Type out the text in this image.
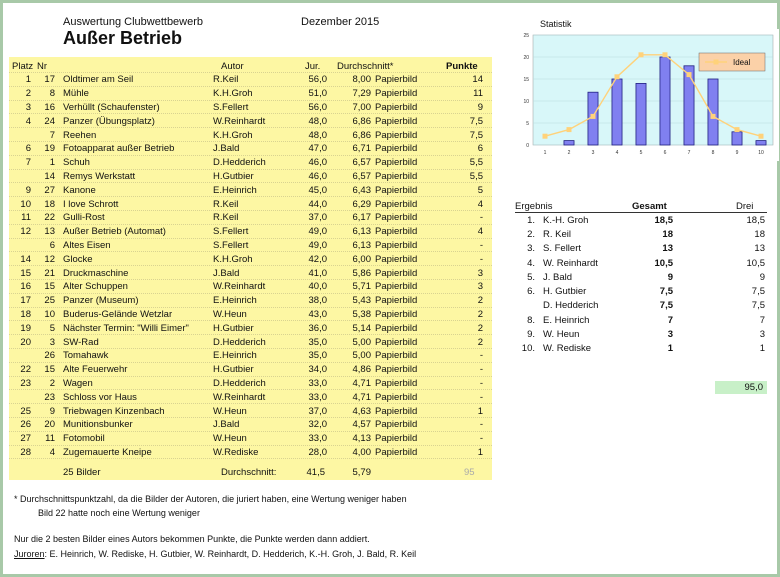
Auswertung Clubwettbewerb	Dezember 2015
Außer Betrieb
Statistik
Platz Nr	Autor	Jur. Durchschnitt*	Punkte
1	17	Oldtimer am Seil	R.Keil	56,0	8,00	Papierbild	14
2	8	Mühle	K.H.Groh	51,0	7,29	Papierbild	11
3	16	Verhüllt (Schaufenster)	S.Fellert	56,0	7,00	Papierbild	9
4	24	Panzer (Übungsplatz)	W.Reinhardt	48,0	6,86	Papierbild	7,5
	7	Reehen	K.H.Groh	48,0	6,86	Papierbild	7,5
6	19	Fotoapparat außer Betrieb	J.Bald	47,0	6,71	Papierbild	6
7	1	Schuh	D.Hedderich	46,0	6,57	Papierbild	5,5
	14	Remys Werkstatt	H.Gutbier	46,0	6,57	Papierbild	5,5
9	27	Kanone	E.Heinrich	45,0	6,43	Papierbild	5
10	18	I love Schrott	R.Keil	44,0	6,29	Papierbild	4
11	22	Gulli-Rost	R.Keil	37,0	6,17	Papierbild	-
12	13	Außer Betrieb (Automat)	S.Fellert	49,0	6,13	Papierbild	4
	6	Altes Eisen	S.Fellert	49,0	6,13	Papierbild	-
14	12	Glocke	K.H.Groh	42,0	6,00	Papierbild	-
15	21	Druckmaschine	J.Bald	41,0	5,86	Papierbild	3
16	15	Alter Schuppen	W.Reinhardt	40,0	5,71	Papierbild	3
17	25	Panzer (Museum)	E.Heinrich	38,0	5,43	Papierbild	2
18	10	Buderus-Gelände Wetzlar	W.Heun	43,0	5,38	Papierbild	2
19	5	Nächster Termin: "Willi Eimer"	H.Gutbier	36,0	5,14	Papierbild	2
20	3	SW-Rad	D.Hedderich	35,0	5,00	Papierbild	2
	26	Tomahawk	E.Heinrich	35,0	5,00	Papierbild	-
22	15	Alte Feuerwehr	H.Gutbier	34,0	4,86	Papierbild	-
23	2	Wagen	D.Hedderich	33,0	4,71	Papierbild	-
	23	Schloss vor Haus	W.Reinhardt	33,0	4,71	Papierbild	-
25	9	Triebwagen Kinzenbach	W.Heun	37,0	4,63	Papierbild	1
26	20	Munitionsbunker	J.Bald	32,0	4,57	Papierbild	-
27	11	Fotomobil	W.Heun	33,0	4,13	Papierbild	-
28	4	Zugemauerte Kneipe	W.Rediske	28,0	4,00	Papierbild	1
25 Bilder	Durchschnitt:	41,5	5,79	95
0
5
10
15
20
25
1	2	3	4	5	6	7	8	9	10
Ideal
Ergebnis	Gesamt	Drei
1.	K.-H. Groh	18,5	18,5
2.	R. Keil	18	18
3.	S. Fellert	13	13
4.	W. Reinhardt	10,5	10,5
5.	J. Bald	9	9
6.	H. Gutbier	7,5	7,5
	D. Hedderich	7,5	7,5
8.	E. Heinrich	7	7
9.	W. Heun	3	3
10.	W. Rediske	1	1
95,0
* Durchschnittspunktzahl, da die Bilder der Autoren, die juriert haben, eine Wertung weniger haben
Bild 22 hatte noch eine Wertung weniger
Nur die 2 besten Bilder eines Autors bekommen Punkte, die Punkte werden dann addiert.
Juroren: E. Heinrich, W. Rediske, H. Gutbier, W. Reinhardt, D. Hedderich, K.-H. Groh, J. Bald, R. Keil
